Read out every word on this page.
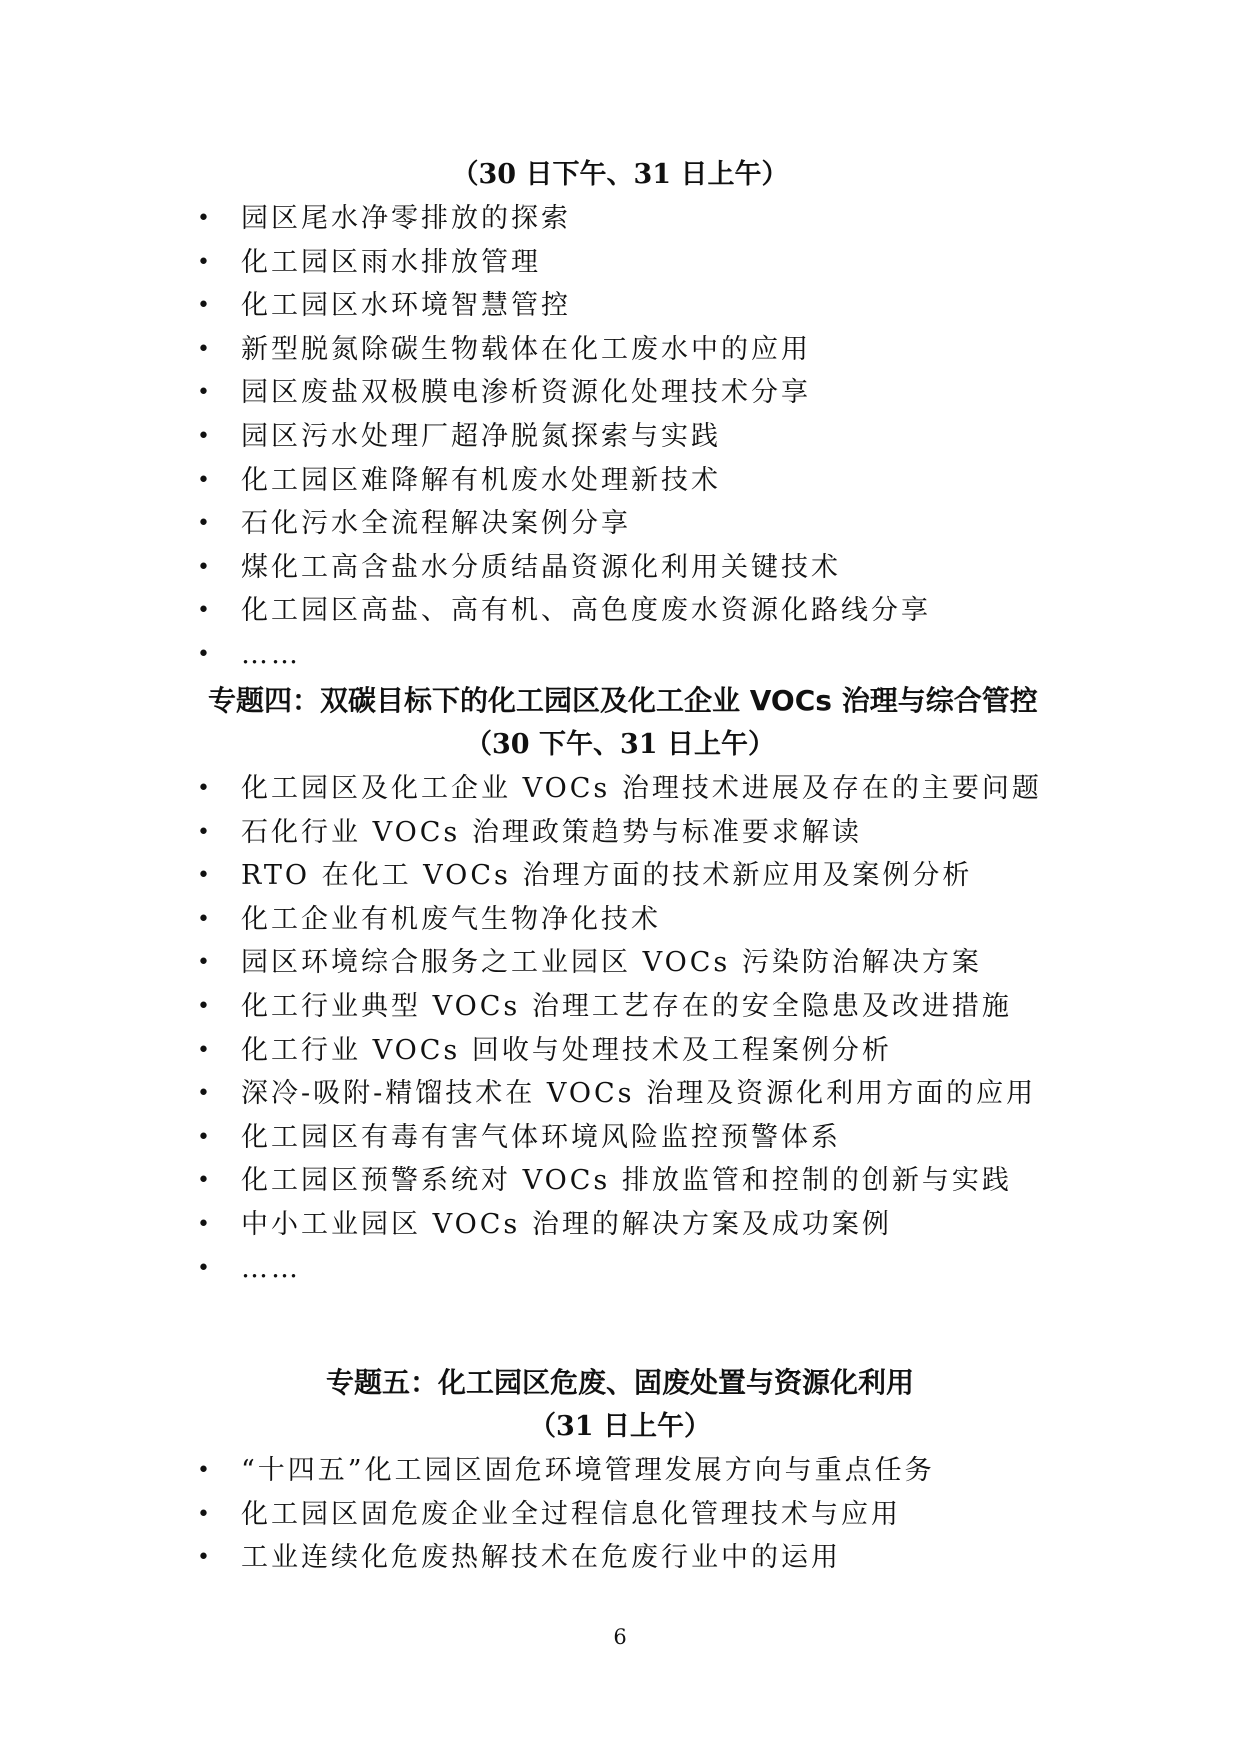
（30 日下午、31 日上午）
• 园区尾水净零排放的探索
• 化工园区雨水排放管理
• 化工园区水环境智慧管控
• 新型脱氮除碳生物载体在化工废水中的应用
• 园区废盐双极膜电渗析资源化处理技术分享
• 园区污水处理厂超净脱氮探索与实践
• 化工园区难降解有机废水处理新技术
• 石化污水全流程解决案例分享
• 煤化工高含盐水分质结晶资源化利用关键技术
• 化工园区高盐、高有机、高色度废水资源化路线分享
• ……
专题四：双碳目标下的化工园区及化工企业 VOCs 治理与综合管控
（30 下午、31 日上午）
• 化工园区及化工企业 VOCs 治理技术进展及存在的主要问题
• 石化行业 VOCs 治理政策趋势与标准要求解读
• RTO 在化工 VOCs 治理方面的技术新应用及案例分析
• 化工企业有机废气生物净化技术
• 园区环境综合服务之工业园区 VOCs 污染防治解决方案
• 化工行业典型 VOCs 治理工艺存在的安全隐患及改进措施
• 化工行业 VOCs 回收与处理技术及工程案例分析
• 深冷-吸附-精馏技术在 VOCs 治理及资源化利用方面的应用
• 化工园区有毒有害气体环境风险监控预警体系
• 化工园区预警系统对 VOCs 排放监管和控制的创新与实践
• 中小工业园区 VOCs 治理的解决方案及成功案例
• ……
专题五：化工园区危废、固废处置与资源化利用
（31 日上午）
• “十四五”化工园区固危环境管理发展方向与重点任务
• 化工园区固危废企业全过程信息化管理技术与应用
• 工业连续化危废热解技术在危废行业中的运用
6
